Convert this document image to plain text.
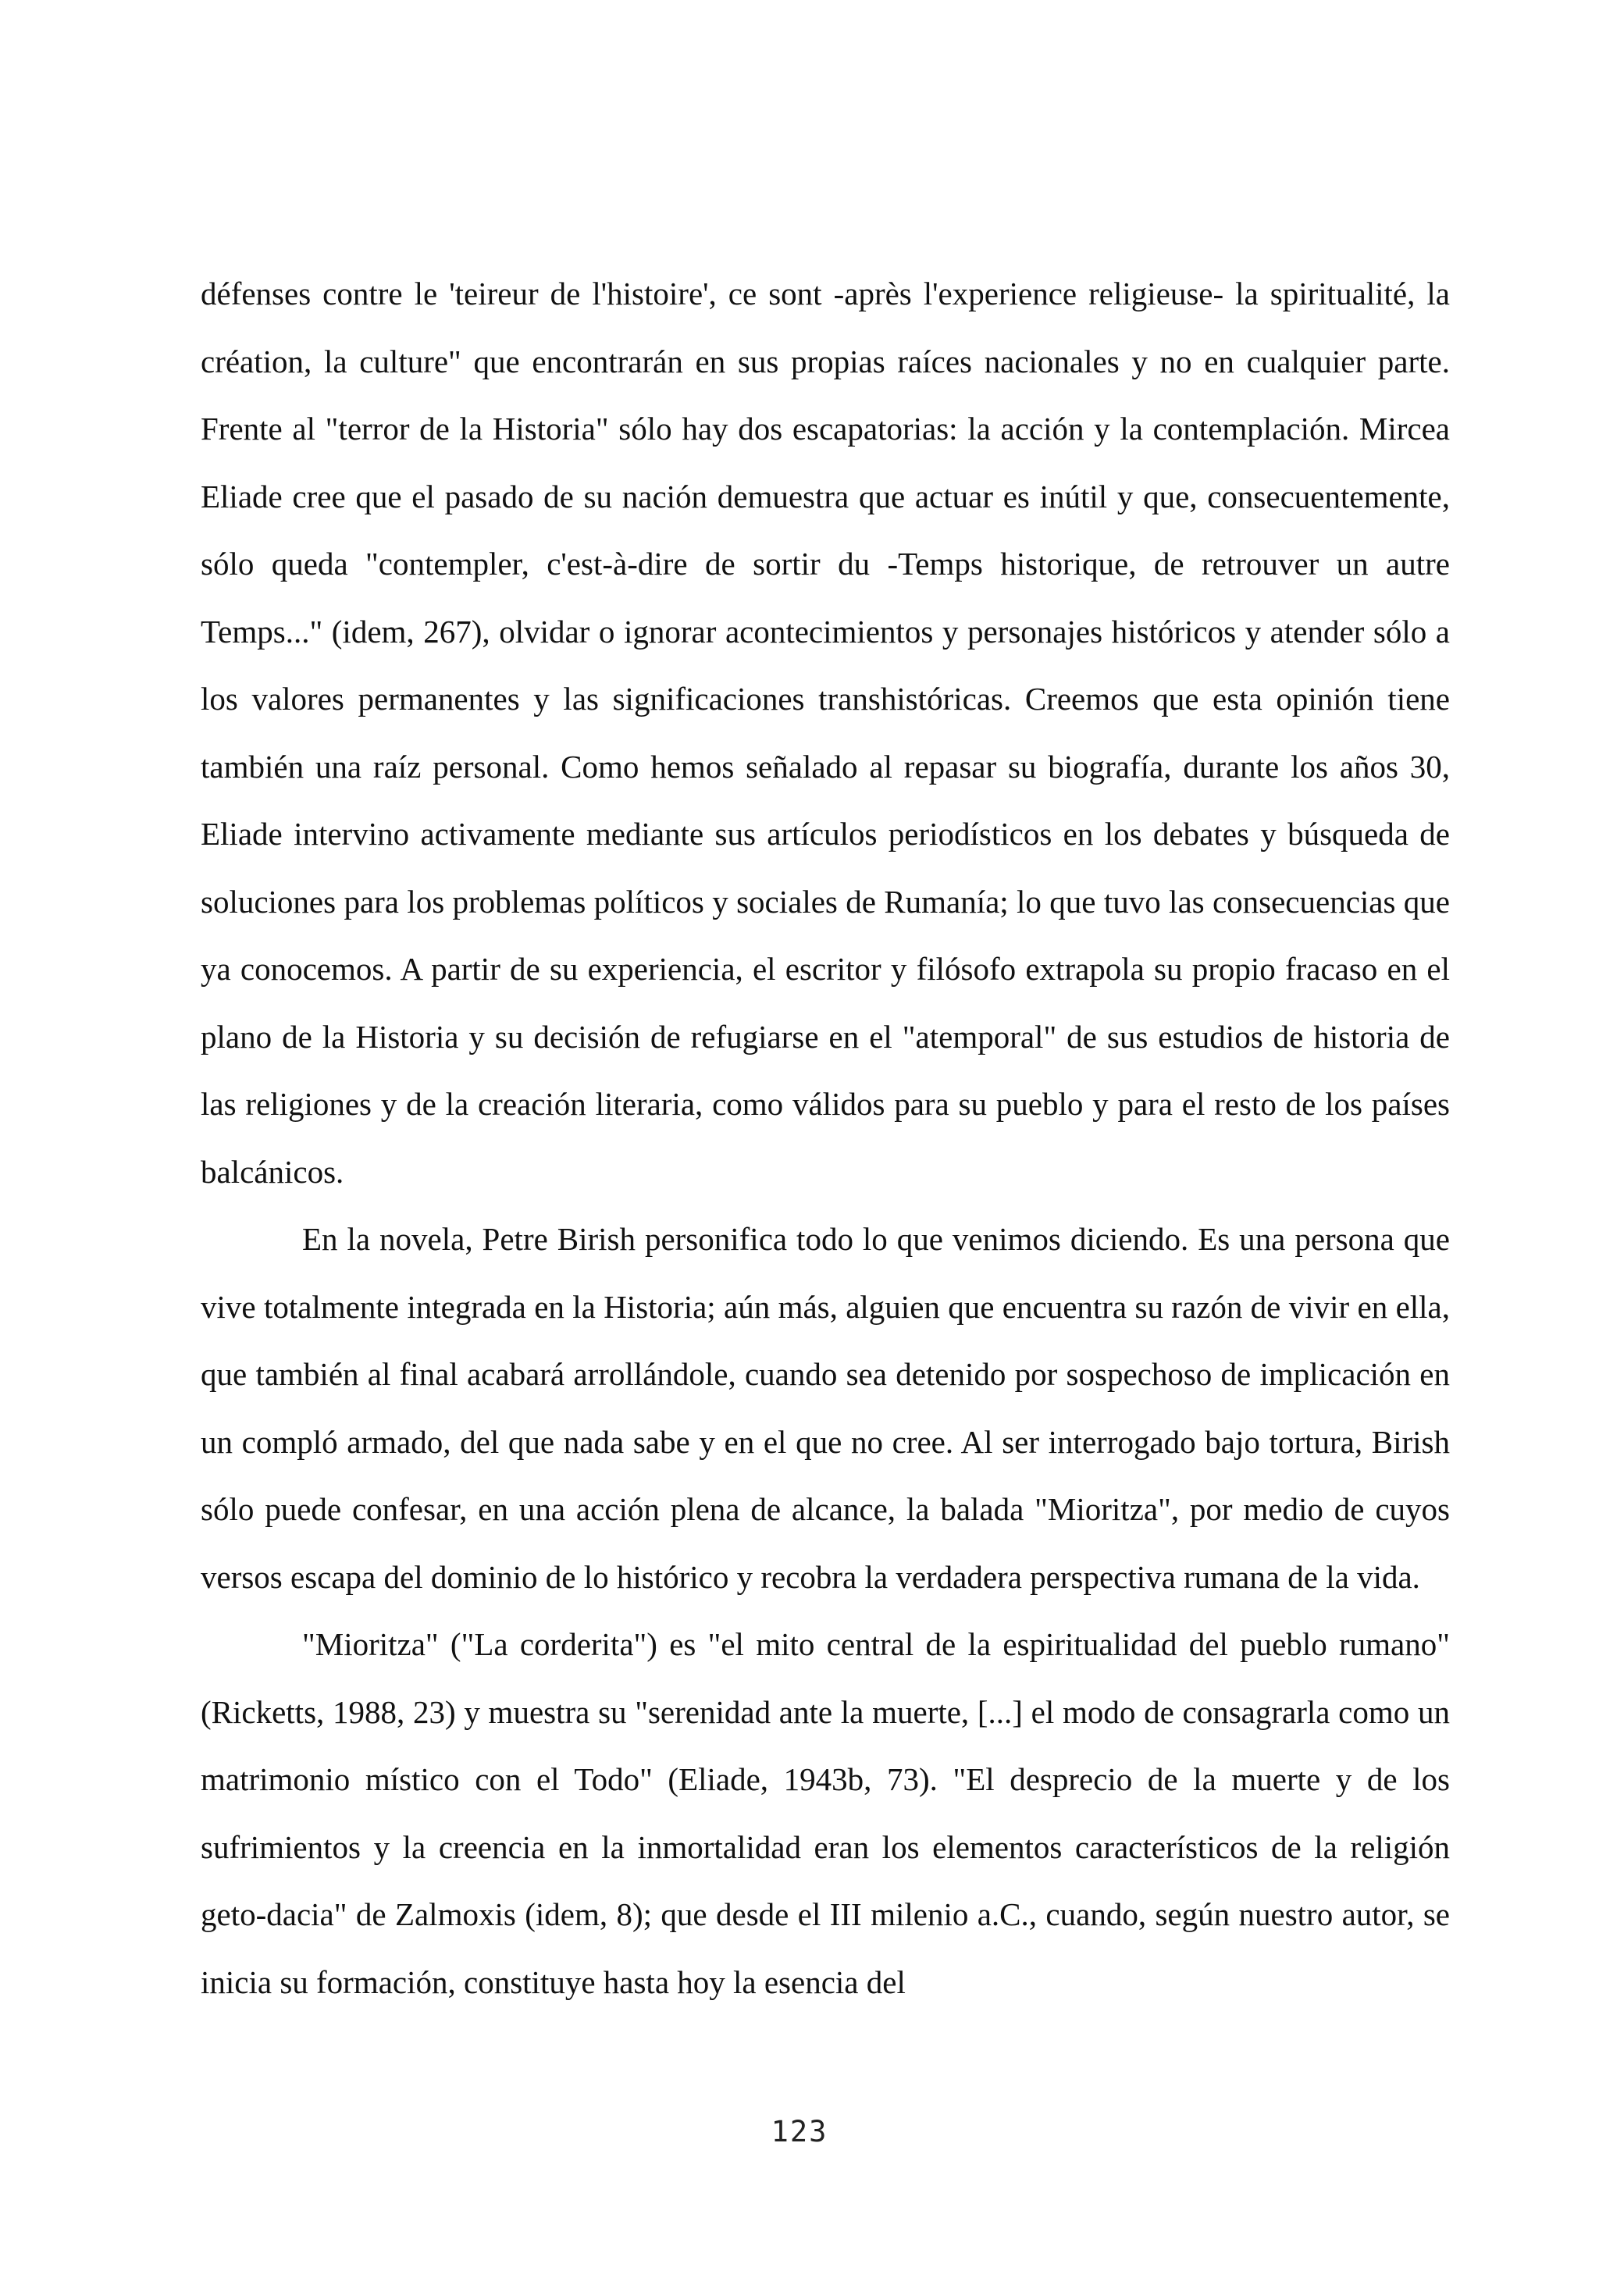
défenses contre le 'teireur de l'histoire', ce sont -après l'experience religieuse- la spiritualité, la création, la culture" que encontrarán en sus propias raíces nacionales y no en cualquier parte. Frente al "terror de la Historia" sólo hay dos escapatorias: la acción y la contemplación. Mircea Eliade cree que el pasado de su nación demuestra que actuar es inútil y que, consecuentemente, sólo queda "contempler, c'est-à-dire de sortir du -Temps historique, de retrouver un autre Temps..." (idem, 267), olvidar o ignorar acontecimientos y personajes históricos y atender sólo a los valores permanentes y las significaciones transhistóricas. Creemos que esta opinión tiene también una raíz personal. Como hemos señalado al repasar su biografía, durante los años 30, Eliade intervino activamente mediante sus artículos periodísticos en los debates y búsqueda de soluciones para los problemas políticos y sociales de Rumanía; lo que tuvo las consecuencias que ya conocemos. A partir de su experiencia, el escritor y filósofo extrapola su propio fracaso en el plano de la Historia y su decisión de refugiarse en el "atemporal" de sus estudios de historia de las religiones y de la creación literaria, como válidos para su pueblo y para el resto de los países balcánicos.

En la novela, Petre Birish personifica todo lo que venimos diciendo. Es una persona que vive totalmente integrada en la Historia; aún más, alguien que encuentra su razón de vivir en ella, que también al final acabará arrollándole, cuando sea detenido por sospechoso de implicación en un compló armado, del que nada sabe y en el que no cree. Al ser interrogado bajo tortura, Birish sólo puede confesar, en una acción plena de alcance, la balada "Mioritza", por medio de cuyos versos escapa del dominio de lo histórico y recobra la verdadera perspectiva rumana de la vida.

"Mioritza" ("La corderita") es "el mito central de la espiritualidad del pueblo rumano" (Ricketts, 1988, 23) y muestra su "serenidad ante la muerte, [...] el modo de consagrarla como un matrimonio místico con el Todo" (Eliade, 1943b, 73). "El desprecio de la muerte y de los sufrimientos y la creencia en la inmortalidad eran los elementos característicos de la religión geto-dacia" de Zalmoxis (idem, 8); que desde el III milenio a.C., cuando, según nuestro autor, se inicia su formación, constituye hasta hoy la esencia del

123
